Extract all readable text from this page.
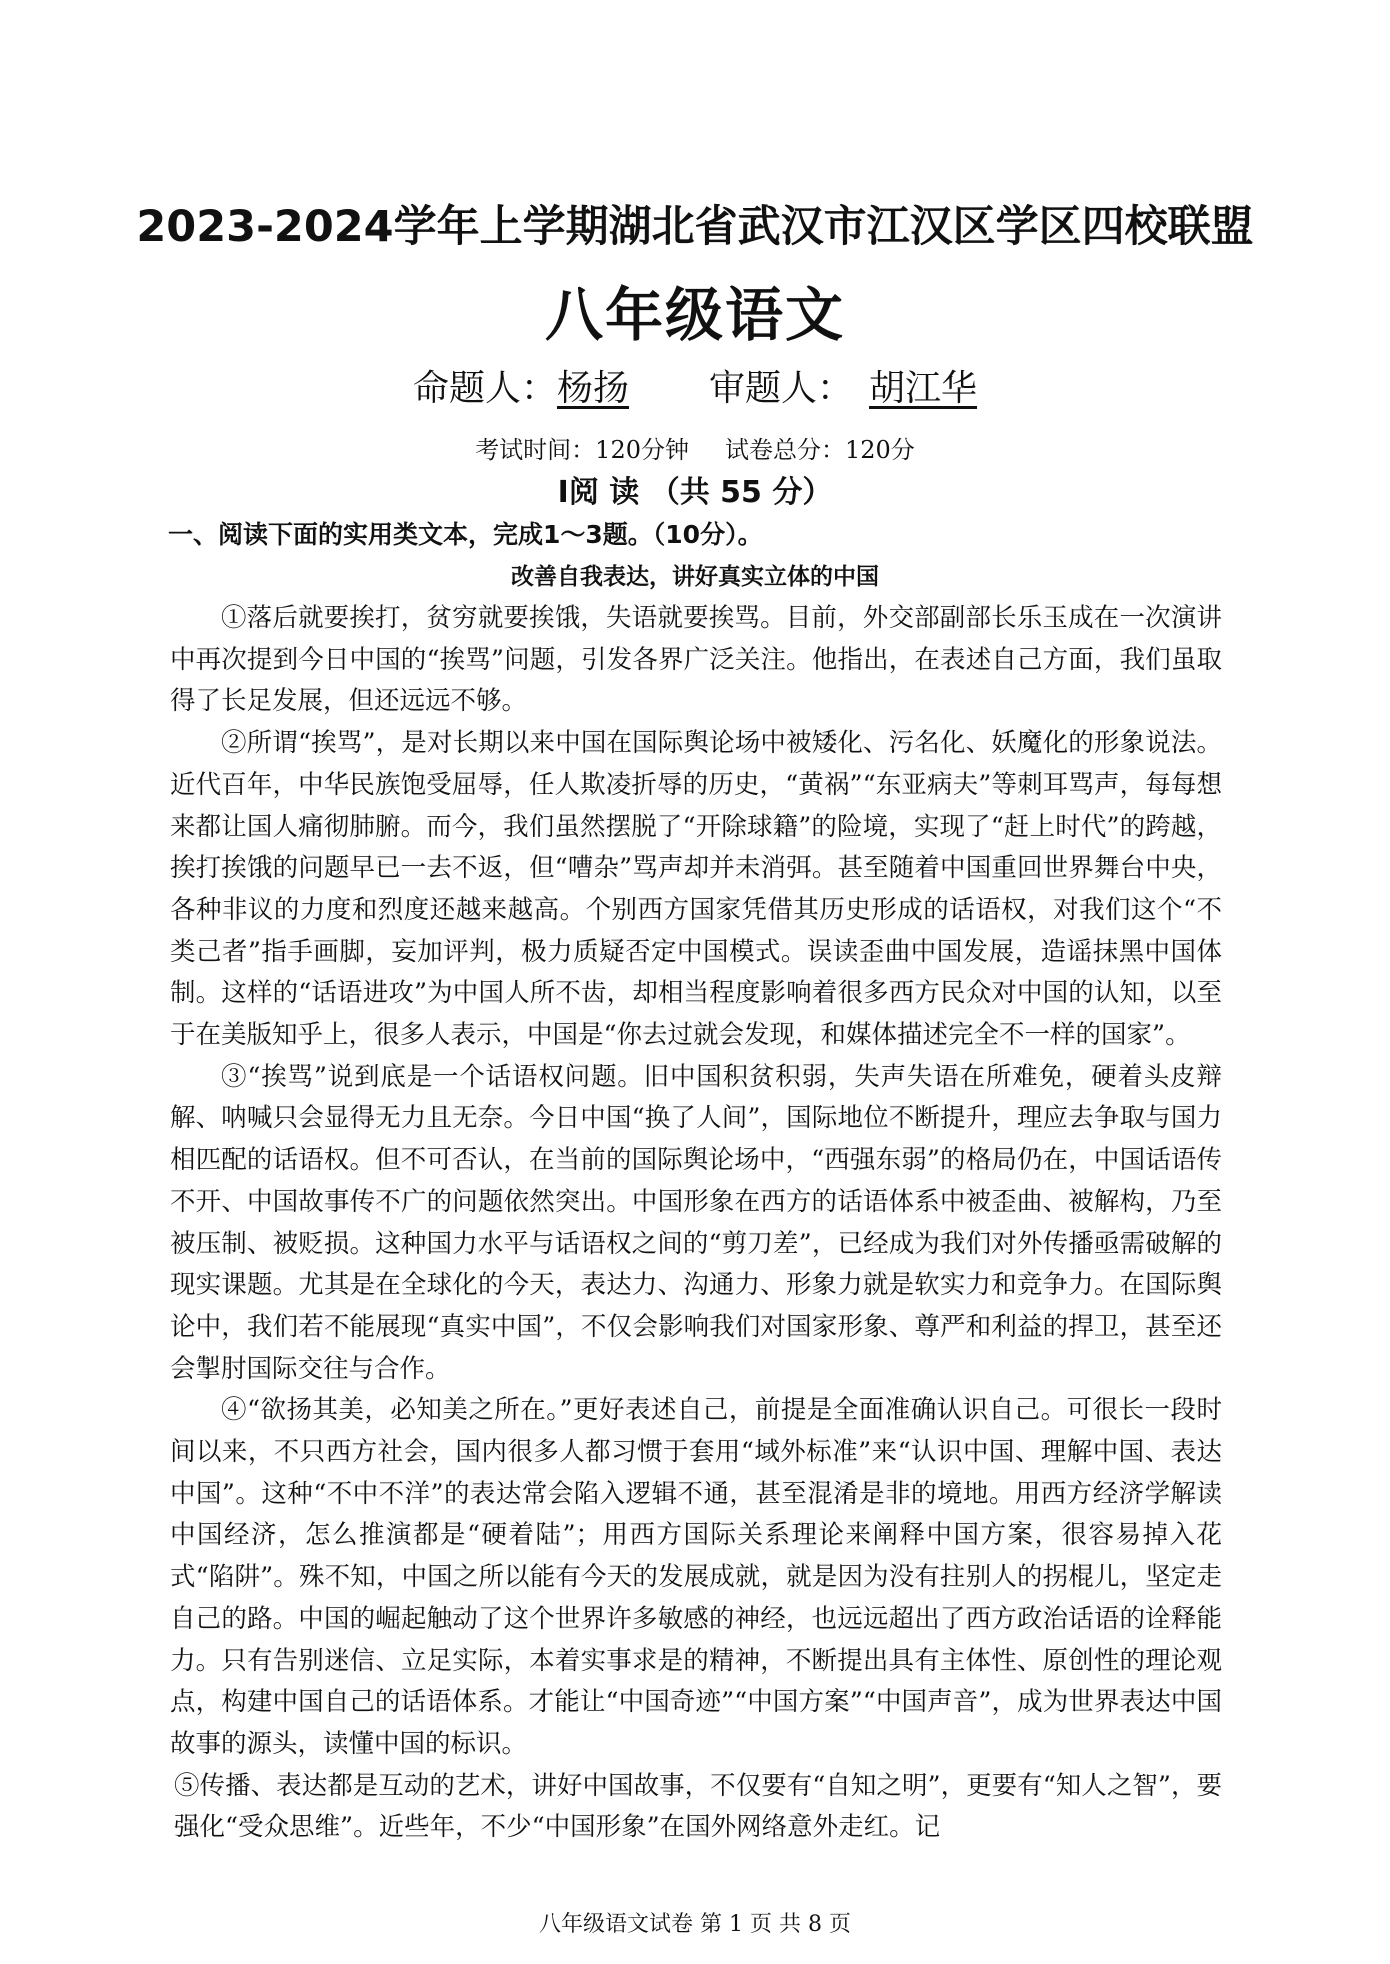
2023-2024学年上学期湖北省武汉市江汉区学区四校联盟
八年级语文
命题人：杨扬 审题人： 胡江华
考试时间：120分钟 试卷总分：120分
Ⅰ阅 读 （共 55 分）
一、阅读下面的实用类文本，完成1～3题。（10分）。
改善自我表达，讲好真实立体的中国

①落后就要挨打，贫穷就要挨饿，失语就要挨骂。目前，外交部副部长乐玉成在一次演讲中再次提到今日中国的“挨骂”问题，引发各界广泛关注。他指出，在表述自己方面，我们虽取得了长足发展，但还远远不够。

②所谓“挨骂”，是对长期以来中国在国际舆论场中被矮化、污名化、妖魔化的形象说法。近代百年，中华民族饱受屈辱，任人欺凌折辱的历史，“黄祸”“东亚病夫”等刺耳骂声，每每想来都让国人痛彻肺腑。而今，我们虽然摆脱了“开除球籍”的险境，实现了“赶上时代”的跨越，挨打挨饿的问题早已一去不返，但“嘈杂”骂声却并未消弭。甚至随着中国重回世界舞台中央，各种非议的力度和烈度还越来越高。个别西方国家凭借其历史形成的话语权，对我们这个“不类己者”指手画脚，妄加评判，极力质疑否定中国模式。误读歪曲中国发展，造谣抹黑中国体制。这样的“话语进攻”为中国人所不齿，却相当程度影响着很多西方民众对中国的认知，以至于在美版知乎上，很多人表示，中国是“你去过就会发现，和媒体描述完全不一样的国家”。

③“挨骂”说到底是一个话语权问题。旧中国积贫积弱，失声失语在所难免，硬着头皮辩解、呐喊只会显得无力且无奈。今日中国“换了人间”，国际地位不断提升，理应去争取与国力相匹配的话语权。但不可否认，在当前的国际舆论场中，“西强东弱”的格局仍在，中国话语传不开、中国故事传不广的问题依然突出。中国形象在西方的话语体系中被歪曲、被解构，乃至被压制、被贬损。这种国力水平与话语权之间的“剪刀差”，已经成为我们对外传播亟需破解的现实课题。尤其是在全球化的今天，表达力、沟通力、形象力就是软实力和竞争力。在国际舆论中，我们若不能展现“真实中国”，不仅会影响我们对国家形象、尊严和利益的捍卫，甚至还会掣肘国际交往与合作。

④“欲扬其美，必知美之所在。”更好表述自己，前提是全面准确认识自己。可很长一段时间以来，不只西方社会，国内很多人都习惯于套用“域外标准”来“认识中国、理解中国、表达中国”。这种“不中不洋”的表达常会陷入逻辑不通，甚至混淆是非的境地。用西方经济学解读中国经济，怎么推演都是“硬着陆”；用西方国际关系理论来阐释中国方案，很容易掉入花式“陷阱”。殊不知，中国之所以能有今天的发展成就，就是因为没有拄别人的拐棍儿，坚定走自己的路。中国的崛起触动了这个世界许多敏感的神经，也远远超出了西方政治话语的诠释能力。只有告别迷信、立足实际，本着实事求是的精神，不断提出具有主体性、原创性的理论观点，构建中国自己的话语体系。才能让“中国奇迹”“中国方案”“中国声音”，成为世界表达中国故事的源头，读懂中国的标识。

⑤传播、表达都是互动的艺术，讲好中国故事，不仅要有“自知之明”，更要有“知人之智”，要强化“受众思维”。近些年，不少“中国形象”在国外网络意外走红。记

八年级语文试卷 第 1 页 共 8 页
